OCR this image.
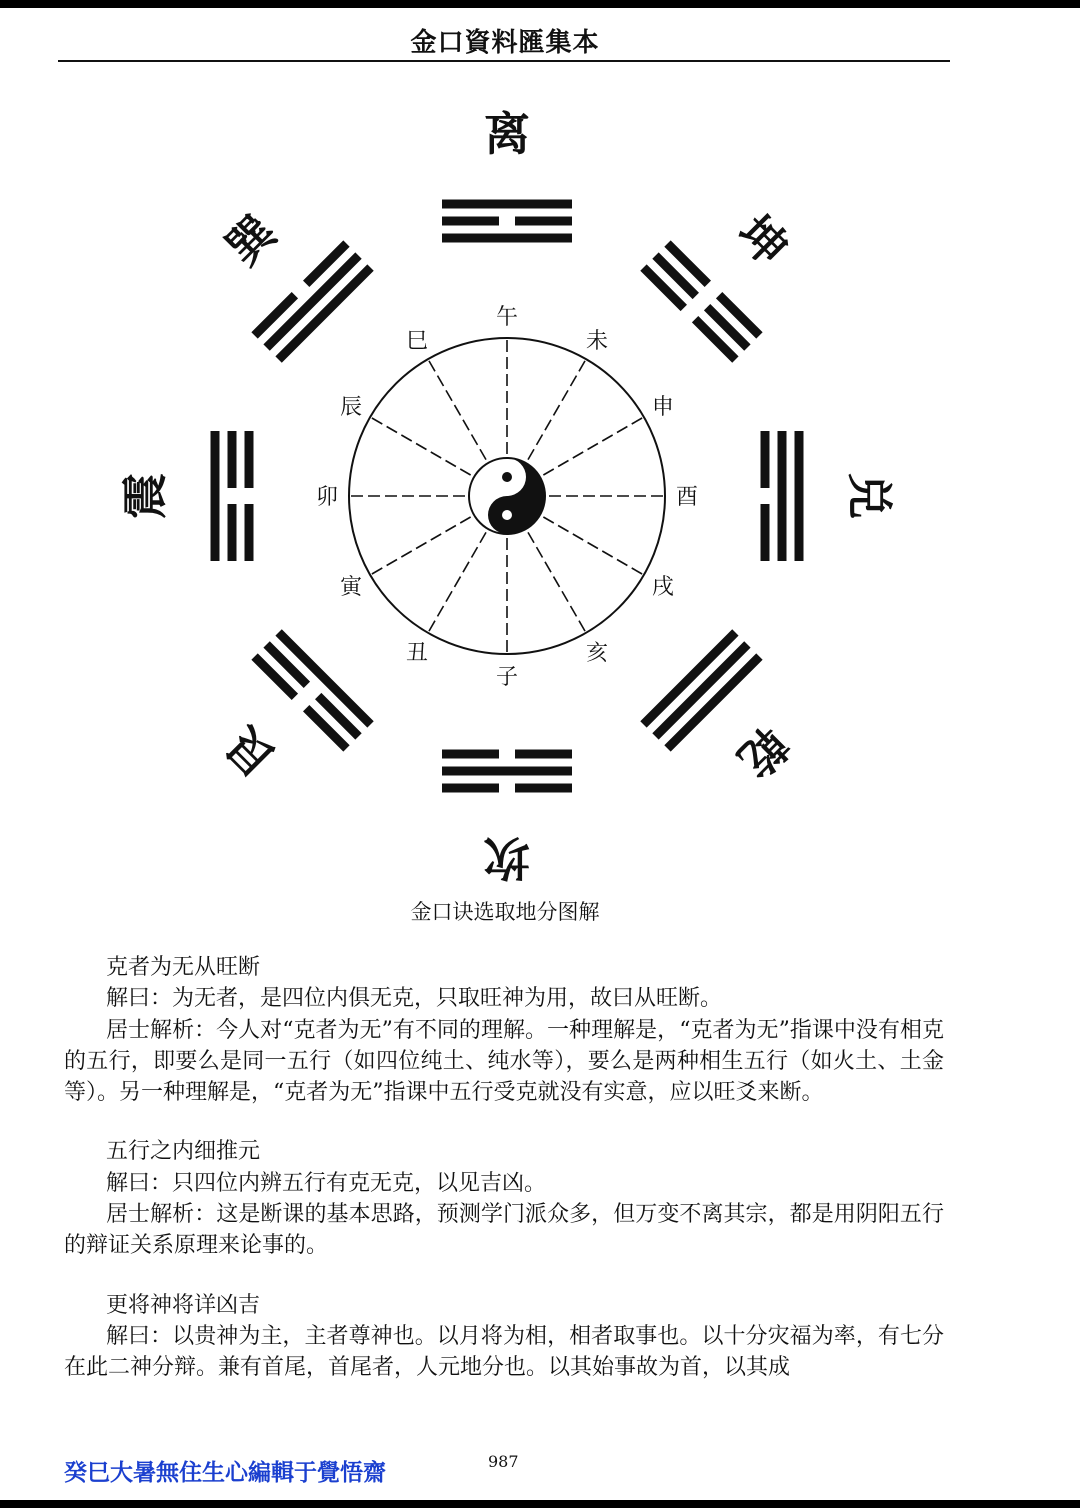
金口資料匯集本
离
坤
兑
乾
坎
艮
震
巽
午
未
申
酉
戌
亥
子
丑
寅
卯
辰
巳
金口诀选取地分图解

克者为无从旺断

解曰：为无者，是四位内俱无克，只取旺神为用，故曰从旺断。

居士解析：今人对“克者为无”有不同的理解。一种理解是，“克者为无”指课中没有相克的五行，即要么是同一五行（如四位纯土、纯水等），要么是两种相生五行（如火土、土金等）。另一种理解是，“克者为无”指课中五行受克就没有实意，应以旺爻来断。

五行之内细推元

解曰：只四位内辨五行有克无克，以见吉凶。

居士解析：这是断课的基本思路，预测学门派众多，但万变不离其宗，都是用阴阳五行的辩证关系原理来论事的。

更将神将详凶吉

解曰：以贵神为主，主者尊神也。以月将为相，相者取事也。以十分灾福为率，有七分在此二神分辩。兼有首尾，首尾者，人元地分也。以其始事故为首，以其成

癸巳大暑無住生心編輯于覺悟齋	987
